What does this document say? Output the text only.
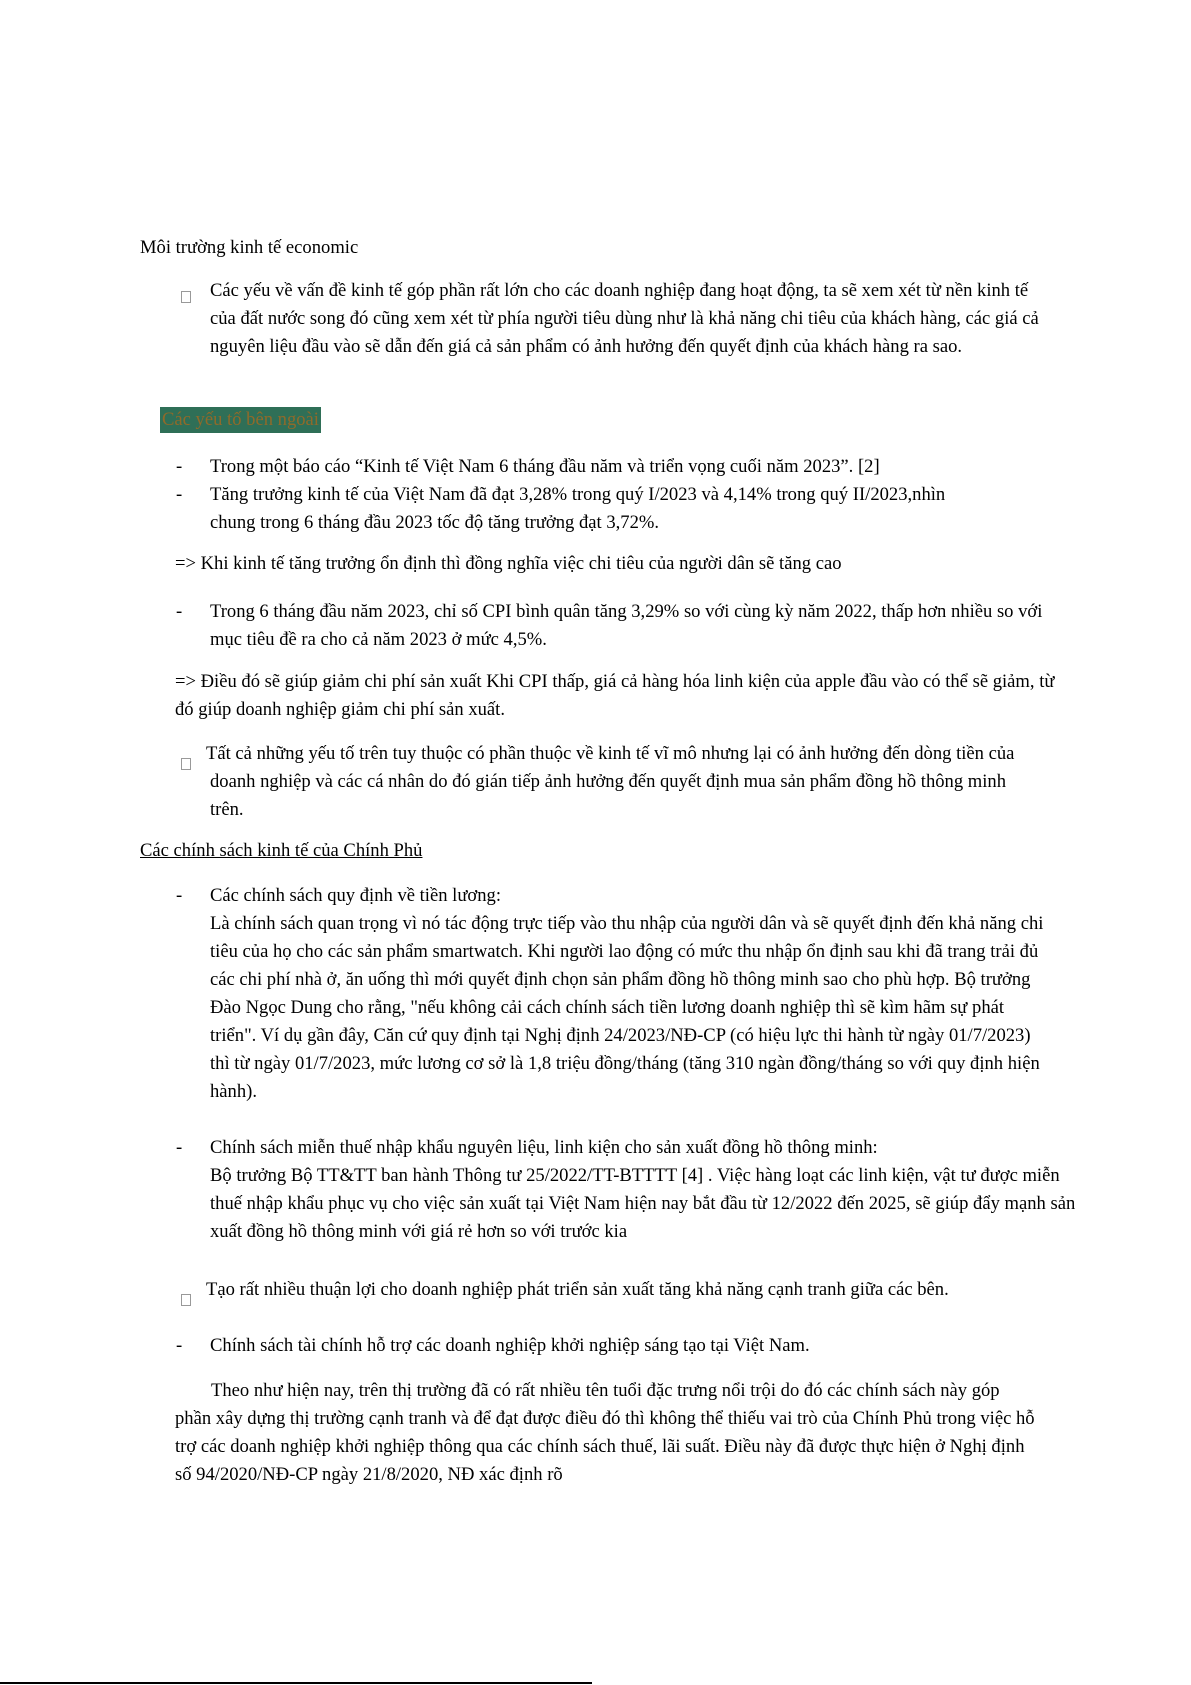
Môi trường kinh tế economic
Các yếu về vấn đề kinh tế góp phần rất lớn cho các doanh nghiệp đang hoạt động, ta sẽ xem xét từ nền kinh tế của đất nước song đó cũng xem xét từ phía người tiêu dùng như là khả năng chi tiêu của khách hàng, các giá cả nguyên liệu đầu vào sẽ dẫn đến giá cả sản phẩm có ảnh hưởng đến quyết định của khách hàng ra sao.
Các yếu tố bên ngoài
- Trong một báo cáo “Kinh tế Việt Nam 6 tháng đầu năm và triển vọng cuối năm 2023”. [2]
- Tăng trưởng kinh tế của Việt Nam đã đạt 3,28% trong quý I/2023 và 4,14% trong quý II/2023,nhìn chung trong 6 tháng đầu 2023 tốc độ tăng trưởng đạt 3,72%.
=> Khi kinh tế tăng trưởng ổn định thì đồng nghĩa việc chi tiêu của người dân sẽ tăng cao
- Trong 6 tháng đầu năm 2023, chỉ số CPI bình quân tăng 3,29% so với cùng kỳ năm 2022, thấp hơn nhiều so với mục tiêu đề ra cho cả năm 2023 ở mức 4,5%.
=> Điều đó sẽ giúp giảm chi phí sản xuất Khi CPI thấp, giá cả hàng hóa linh kiện của apple đầu vào có thể sẽ giảm, từ đó giúp doanh nghiệp giảm chi phí sản xuất.
Tất cả những yếu tố trên tuy thuộc có phần thuộc về kinh tế vĩ mô nhưng lại có ảnh hưởng đến dòng tiền của doanh nghiệp và các cá nhân do đó gián tiếp ảnh hưởng đến quyết định mua sản phẩm đồng hồ thông minh trên.
Các chính sách kinh tế của Chính Phủ
- Các chính sách quy định về tiền lương:
Là chính sách quan trọng vì nó tác động trực tiếp vào thu nhập của người dân và sẽ quyết định đến khả năng chi tiêu của họ cho các sản phẩm smartwatch. Khi người lao động có mức thu nhập ổn định sau khi đã trang trải đủ các chi phí nhà ở, ăn uống thì mới quyết định chọn sản phẩm đồng hồ thông minh sao cho phù hợp. Bộ trưởng Đào Ngọc Dung cho rằng, "nếu không cải cách chính sách tiền lương doanh nghiệp thì sẽ kìm hãm sự phát triển". Ví dụ gần đây, Căn cứ quy định tại Nghị định 24/2023/NĐ-CP (có hiệu lực thi hành từ ngày 01/7/2023) thì từ ngày 01/7/2023, mức lương cơ sở là 1,8 triệu đồng/tháng (tăng 310 ngàn đồng/tháng so với quy định hiện hành).
- Chính sách miễn thuế nhập khẩu nguyên liệu, linh kiện cho sản xuất đồng hồ thông minh:
Bộ trưởng Bộ TT&TT ban hành Thông tư 25/2022/TT-BTTTT [4] . Việc hàng loạt các linh kiện, vật tư được miễn thuế nhập khẩu phục vụ cho việc sản xuất tại Việt Nam hiện nay bắt đầu từ 12/2022 đến 2025, sẽ giúp đẩy mạnh sản xuất đồng hồ thông minh với giá rẻ hơn so với trước kia
Tạo rất nhiều thuận lợi cho doanh nghiệp phát triển sản xuất tăng khả năng cạnh tranh giữa các bên.
- Chính sách tài chính hỗ trợ các doanh nghiệp khởi nghiệp sáng tạo tại Việt Nam.
Theo như hiện nay, trên thị trường đã có rất nhiều tên tuổi đặc trưng nổi trội do đó các chính sách này góp phần xây dựng thị trường cạnh tranh và để đạt được điều đó thì không thể thiếu vai trò của Chính Phủ trong việc hỗ trợ các doanh nghiệp khởi nghiệp thông qua các chính sách thuế, lãi suất. Điều này đã được thực hiện ở Nghị định số 94/2020/NĐ-CP ngày 21/8/2020, NĐ xác định rõ
